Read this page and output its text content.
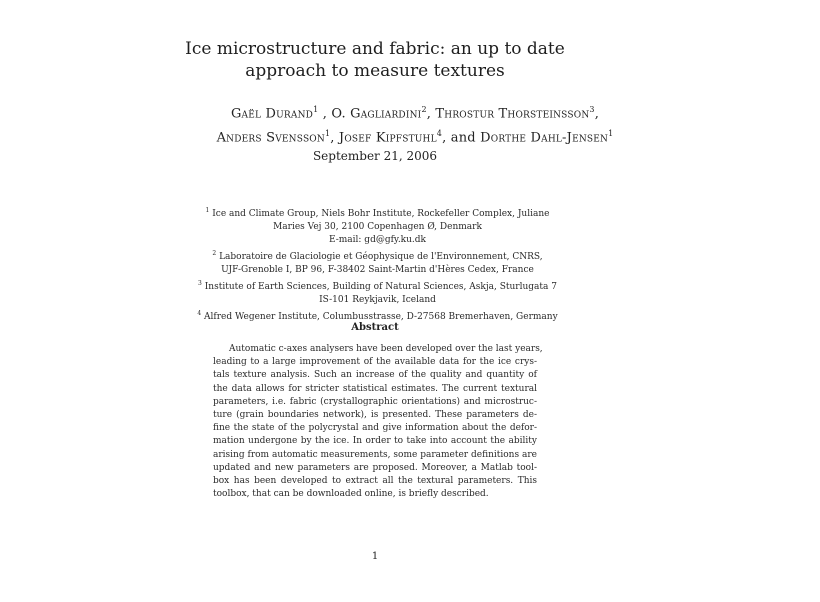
Ice microstructure and fabric: an up to date
approach to measure textures
Gaël Durand$^1$ , O. Gagliardini$^2$, Throstur Thorsteinsson$^3$,
Anders Svensson$^1$, Josef Kipfstuhl$^4$, and Dorthe Dahl-Jensen$^1$
September 21, 2006
$^1$ Ice and Climate Group, Niels Bohr Institute, Rockefeller Complex, Juliane
Maries Vej 30, 2100 Copenhagen Ø, Denmark
E-mail: gd@gfy.ku.dk
$^2$ Laboratoire de Glaciologie et Géophysique de l'Environnement, CNRS,
UJF-Grenoble I, BP 96, F-38402 Saint-Martin d'Hères Cedex, France
$^3$ Institute of Earth Sciences, Building of Natural Sciences, Askja, Sturlugata 7
IS-101 Reykjavik, Iceland
$^4$ Alfred Wegener Institute, Columbusstrasse, D-27568 Bremerhaven, Germany
Abstract
Automatic c-axes analysers have been developed over the last years,
leading to a large improvement of the available data for the ice crys-
tals texture analysis. Such an increase of the quality and quantity of
the data allows for stricter statistical estimates. The current textural
parameters, i.e. fabric (crystallographic orientations) and microstruc-
ture (grain boundaries network), is presented. These parameters de-
fine the state of the polycrystal and give information about the defor-
mation undergone by the ice. In order to take into account the ability
arising from automatic measurements, some parameter definitions are
updated and new parameters are proposed. Moreover, a Matlab tool-
box has been developed to extract all the textural parameters. This
toolbox, that can be downloaded online, is briefly described.
1
